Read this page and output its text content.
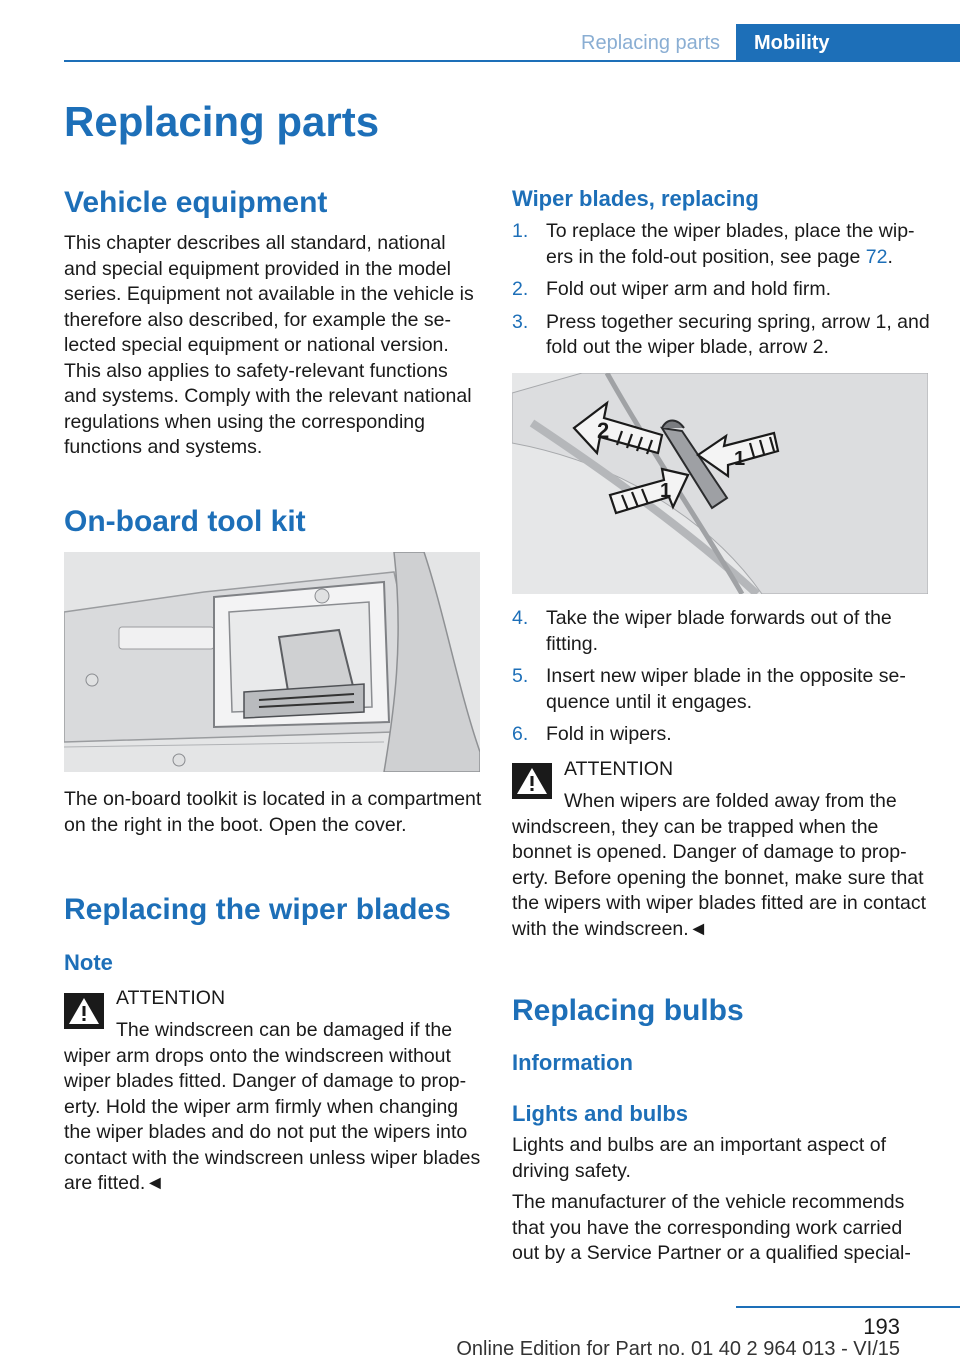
Replacing parts	Mobility
Replacing parts
Vehicle equipment

This chapter describes all standard, national and special equipment provided in the model series. Equipment not available in the vehicle is therefore also described, for example the selected special equipment or national version. This also applies to safety-relevant functions and systems. Comply with the relevant national regulations when using the corresponding functions and systems.

On-board tool kit

The on-board toolkit is located in a compartment on the right in the boot. Open the cover.

Replacing the wiper blades
Note
ATTENTION

The windscreen can be damaged if the wiper arm drops onto the windscreen without wiper blades fitted. Danger of damage to property. Hold the wiper arm firmly when changing the wiper blades and do not put the wipers into contact with the windscreen unless wiper blades are fitted.◄

Wiper blades, replacing
1. To replace the wiper blades, place the wipers in the fold-out position, see page 72.
2. Fold out wiper arm and hold firm.
3. Press together securing spring, arrow 1, and fold out the wiper blade, arrow 2.
2
1
1
4. Take the wiper blade forwards out of the fitting.
5. Insert new wiper blade in the opposite sequence until it engages.
6. Fold in wipers.
ATTENTION

When wipers are folded away from the windscreen, they can be trapped when the bonnet is opened. Danger of damage to property. Before opening the bonnet, make sure that the wipers with wiper blades fitted are in contact with the windscreen.◄

Replacing bulbs
Information
Lights and bulbs

Lights and bulbs are an important aspect of driving safety.

The manufacturer of the vehicle recommends that you have the corresponding work carried out by a Service Partner or a qualified special-

193
Online Edition for Part no. 01 40 2 964 013 - VI/15
